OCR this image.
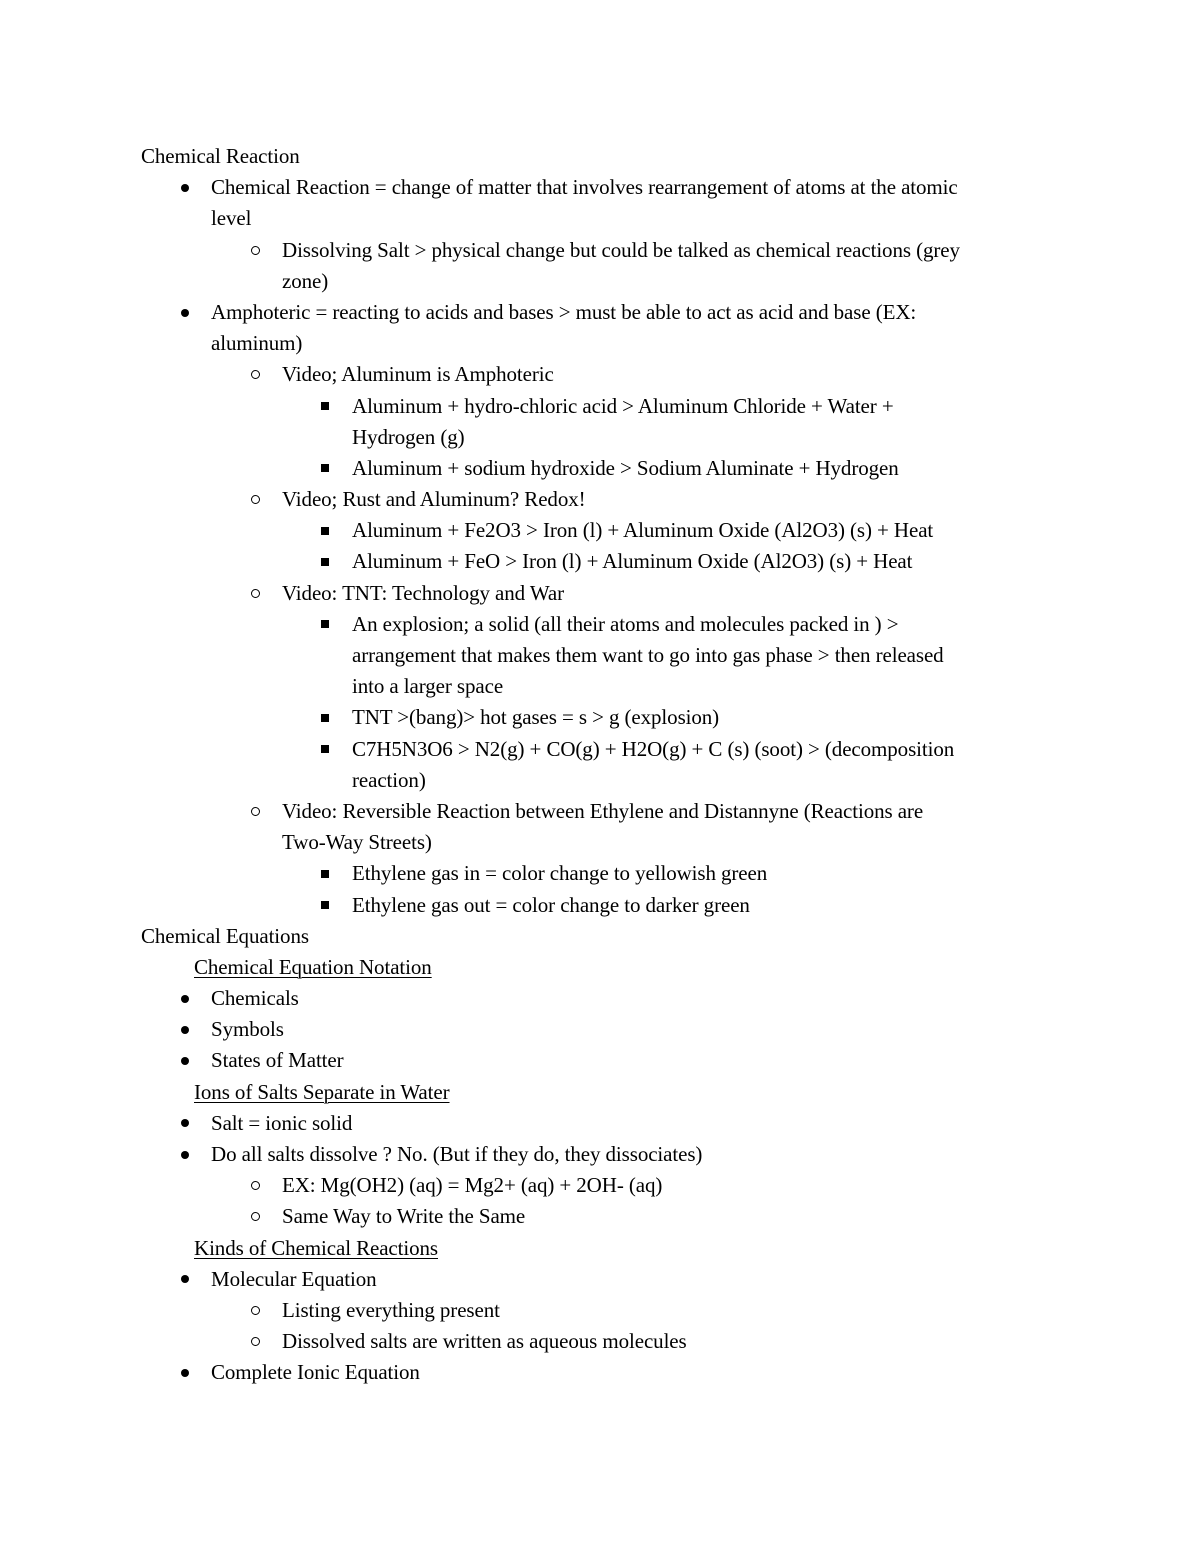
Chemical Reaction
Chemical Reaction = change of matter that involves rearrangement of atoms at the atomic
level
Dissolving Salt > physical change but could be talked as chemical reactions (grey
zone)
Amphoteric = reacting to acids and bases > must be able to act as acid and base (EX:
aluminum)
Video; Aluminum is Amphoteric
Aluminum + hydro-chloric acid > Aluminum Chloride + Water +
Hydrogen (g)
Aluminum + sodium hydroxide > Sodium Aluminate + Hydrogen
Video; Rust and Aluminum? Redox!
Aluminum + Fe2O3 > Iron (l) + Aluminum Oxide (Al2O3) (s) + Heat
Aluminum + FeO > Iron (l) + Aluminum Oxide (Al2O3) (s) + Heat
Video: TNT: Technology and War
An explosion; a solid (all their atoms and molecules packed in ) >
arrangement that makes them want to go into gas phase > then released
into a larger space
TNT >(bang)> hot gases = s > g (explosion)
C7H5N3O6 > N2(g) + CO(g) + H2O(g) + C (s) (soot) > (decomposition
reaction)
Video: Reversible Reaction between Ethylene and Distannyne (Reactions are
Two-Way Streets)
Ethylene gas in = color change to yellowish green
Ethylene gas out = color change to darker green
Chemical Equations
Chemical Equation Notation
Chemicals
Symbols
States of Matter
Ions of Salts Separate in Water
Salt = ionic solid
Do all salts dissolve ? No. (But if they do, they dissociates)
EX: Mg(OH2) (aq) = Mg2+ (aq) + 2OH- (aq)
Same Way to Write the Same
Kinds of Chemical Reactions
Molecular Equation
Listing everything present
Dissolved salts are written as aqueous molecules
Complete Ionic Equation
